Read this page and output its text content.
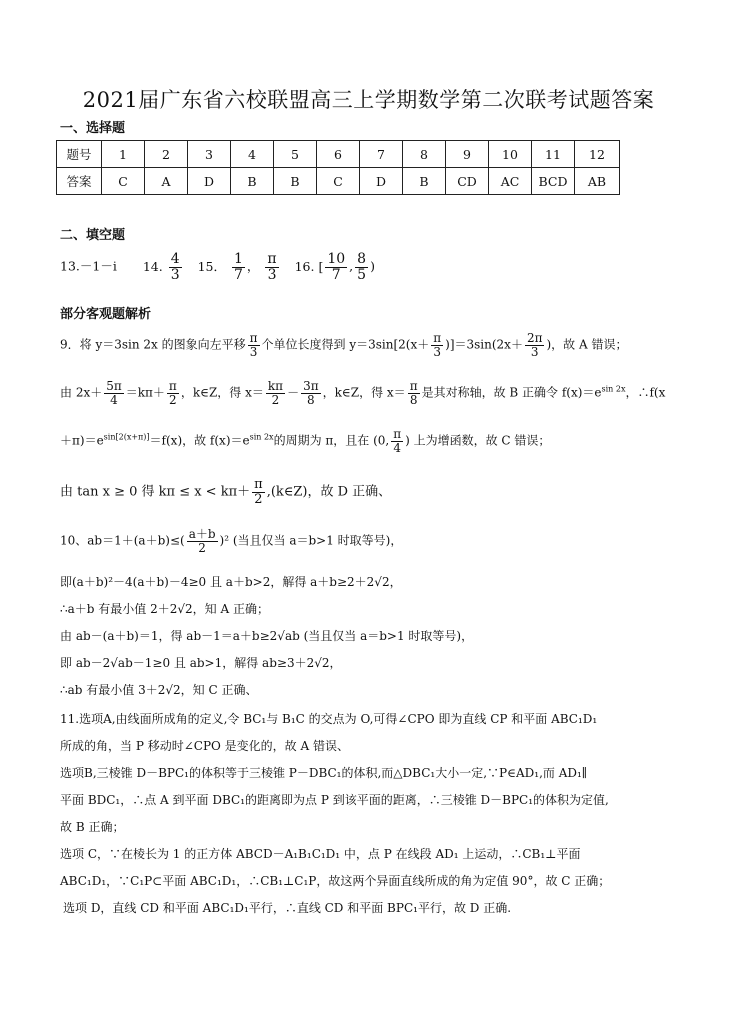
2021届广东省六校联盟高三上学期数学第二次联考试题答案
一、选择题
题号	1	2	3	4	5	6	7	8	9	10	11	12
答案	C	A	D	B	B	C	D	B	CD	AC	BCD	AB
二、填空题
13.－1－i 14. $\frac{4}{3} 15$． $\frac{1}{7}$ ， $\frac{\pi}{3} 16$. [ $\frac{10}{7}$ , $\frac{8}{5}$ )
部分客观题解析
9．将 y＝3sin 2x 的图象向左平移 $\frac{\pi}{3}$ 个单位长度得到 $y=3\sin[2(x+ \frac{\pi}{3} )]=3\sin(2x+ \frac{2\pi}{3}$ )，故 A 错误；
由 $2x+ \frac{5\pi}{4} =k\pi+ \frac{\pi}{2}$ ，k∈Z，得 $x= \frac{k\pi}{2} - \frac{3\pi}{8}$ ，k∈Z，得 $x= \frac{\pi}{8}$ 是其对称轴，故 B 正确令 $f(x)=e^{sin 2x}$，∴f(x
$+\pi)=e^{sin[2(x+\pi)]}=f(x)$，故 $f(x)=e^{sin 2x}$的周期为 π，且在 (0, $\frac{\pi}{4}$ ) 上为增函数，故 C 错误；
由 tan x ≥ 0 得 $k\pi \le x < k\pi+ \frac{\pi}{2}$ ,(k∈Z)，故 D 正确、
10、$ab=1+(a+b)\le( \frac{a+b}{2} )^2$ (当且仅当 a＝b>1 时取等号)，
即(a＋b)²－4(a＋b)－4≥0 且 a＋b>2，解得 a＋b≥2＋2√2，
∴a＋b 有最小值 2＋2√2，知 A 正确；
由 ab－(a＋b)＝1，得 ab－1＝a＋b≥2√ab (当且仅当 a＝b>1 时取等号)，
即 ab－2√ab－1≥0 且 ab>1，解得 ab≥3＋2√2，
∴ab 有最小值 3＋2√2，知 C 正确、
11.选项A,由线面所成角的定义,令 BC₁与 B₁C 的交点为 O,可得∠CPO 即为直线 CP 和平面 ABC₁D₁
所成的角，当 P 移动时∠CPO 是变化的，故 A 错误、
选项B,三棱锥 D－BPC₁的体积等于三棱锥 P－DBC₁的体积,而△DBC₁大小一定,∵P∈AD₁,而 AD₁∥
平面 BDC₁，∴点 A 到平面 DBC₁的距离即为点 P 到该平面的距离，∴三棱锥 D－BPC₁的体积为定值,
故 B 正确；
选项 C，∵在棱长为 1 的正方体 ABCD－A₁B₁C₁D₁ 中，点 P 在线段 AD₁ 上运动，∴CB₁⊥平面
ABC₁D₁，∵C₁P⊂平面 ABC₁D₁，∴CB₁⊥C₁P，故这两个异面直线所成的角为定值 90°，故 C 正确；
选项 D，直线 CD 和平面 ABC₁D₁平行，∴直线 CD 和平面 BPC₁平行，故 D 正确.
